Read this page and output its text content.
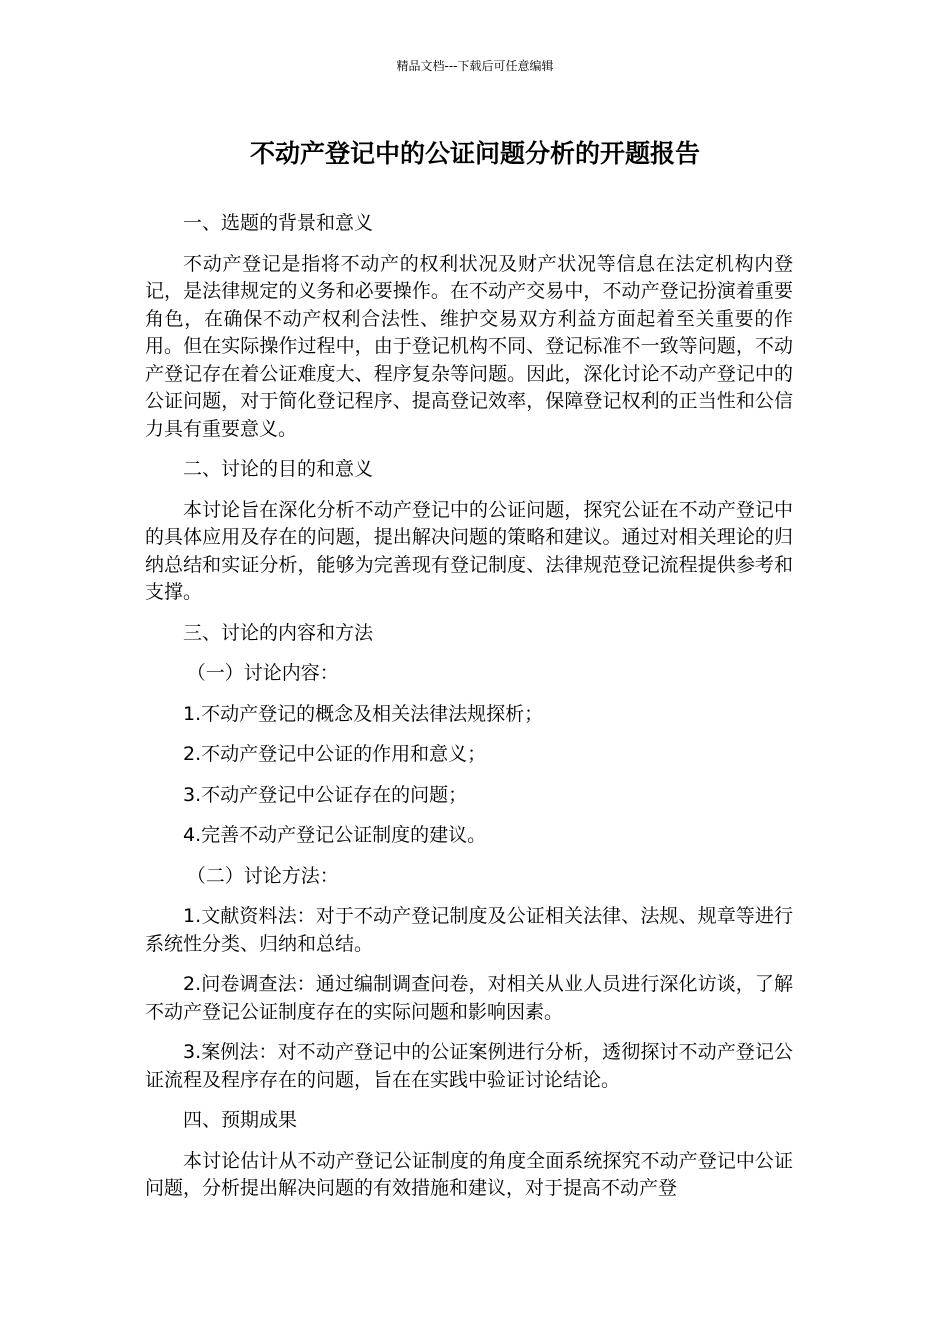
精品文档---下载后可任意编辑
不动产登记中的公证问题分析的开题报告

一、选题的背景和意义

不动产登记是指将不动产的权利状况及财产状况等信息在法定机构内登记，是法律规定的义务和必要操作。在不动产交易中，不动产登记扮演着重要角色，在确保不动产权利合法性、维护交易双方利益方面起着至关重要的作用。但在实际操作过程中，由于登记机构不同、登记标准不一致等问题，不动产登记存在着公证难度大、程序复杂等问题。因此，深化讨论不动产登记中的公证问题，对于简化登记程序、提高登记效率，保障登记权利的正当性和公信力具有重要意义。

二、讨论的目的和意义

本讨论旨在深化分析不动产登记中的公证问题，探究公证在不动产登记中的具体应用及存在的问题，提出解决问题的策略和建议。通过对相关理论的归纳总结和实证分析，能够为完善现有登记制度、法律规范登记流程提供参考和支撑。

三、讨论的内容和方法

（一）讨论内容：

1.不动产登记的概念及相关法律法规探析；

2.不动产登记中公证的作用和意义；

3.不动产登记中公证存在的问题；

4.完善不动产登记公证制度的建议。

（二）讨论方法：

1.文献资料法：对于不动产登记制度及公证相关法律、法规、规章等进行系统性分类、归纳和总结。

2.问卷调查法：通过编制调查问卷，对相关从业人员进行深化访谈，了解不动产登记公证制度存在的实际问题和影响因素。

3.案例法：对不动产登记中的公证案例进行分析，透彻探讨不动产登记公证流程及程序存在的问题，旨在在实践中验证讨论结论。

四、预期成果

本讨论估计从不动产登记公证制度的角度全面系统探究不动产登记中公证问题，分析提出解决问题的有效措施和建议，对于提高不动产登
